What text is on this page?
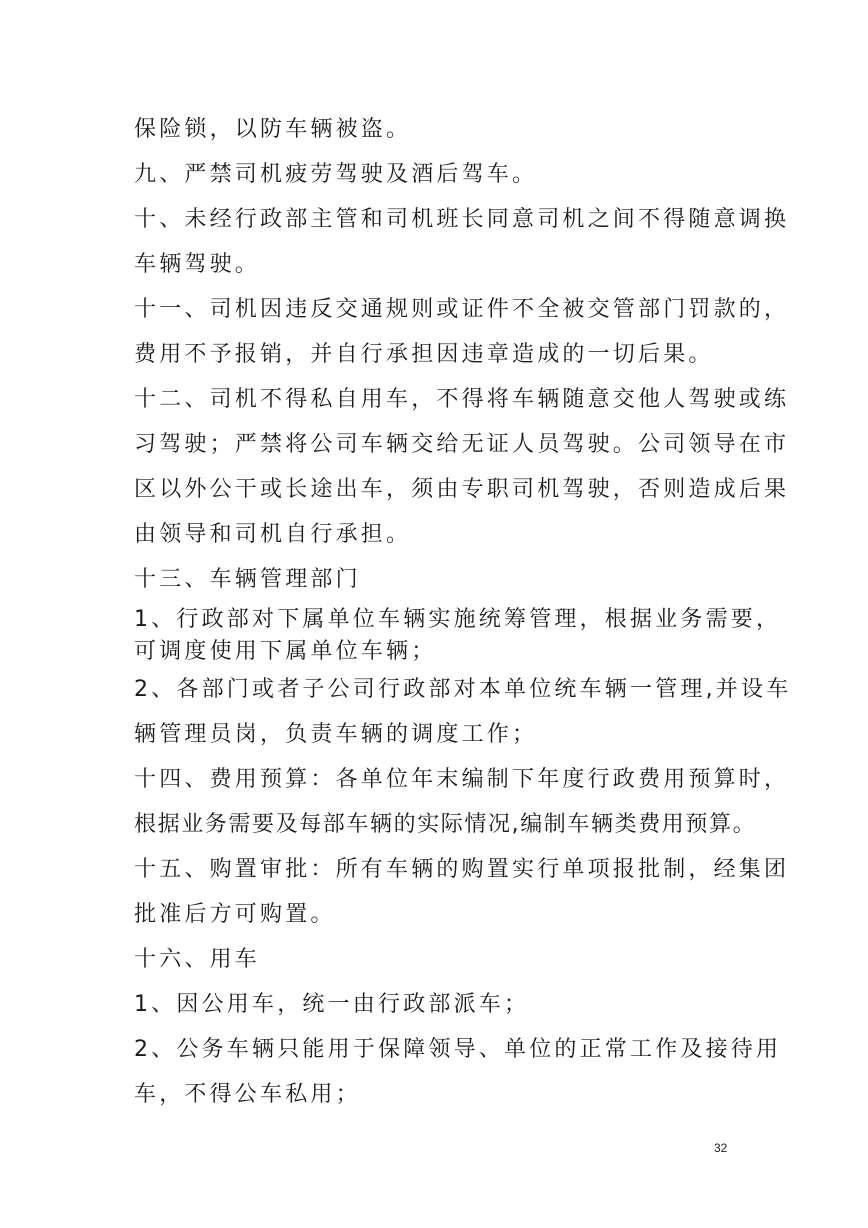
保险锁，以防车辆被盗。
九、严禁司机疲劳驾驶及酒后驾车。
十、未经行政部主管和司机班长同意司机之间不得随意调换
车辆驾驶。
十一、司机因违反交通规则或证件不全被交管部门罚款的，
费用不予报销，并自行承担因违章造成的一切后果。
十二、司机不得私自用车，不得将车辆随意交他人驾驶或练
习驾驶；严禁将公司车辆交给无证人员驾驶。公司领导在市
区以外公干或长途出车，须由专职司机驾驶，否则造成后果
由领导和司机自行承担。
十三、车辆管理部门
1、行政部对下属单位车辆实施统筹管理，根据业务需要，
可调度使用下属单位车辆；
2、各部门或者子公司行政部对本单位统车辆一管理,并设车
辆管理员岗，负责车辆的调度工作；
十四、费用预算：各单位年末编制下年度行政费用预算时，
根据业务需要及每部车辆的实际情况,编制车辆类费用预算。
十五、购置审批：所有车辆的购置实行单项报批制，经集团
批准后方可购置。
十六、用车
1、因公用车，统一由行政部派车；
2、公务车辆只能用于保障领导、单位的正常工作及接待用
车，不得公车私用；
32
